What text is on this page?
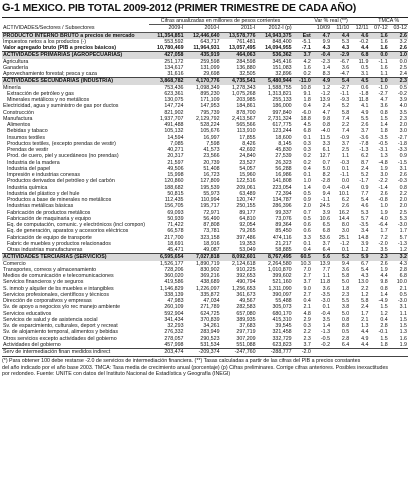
G-1 MEXICO. PIB TOTAL 2009-2012 (PRIMER TRIMESTRE DE CADA AÑO)
ACTIVIDADES/Sectores / Subsectores	Cifras anualizadas en millones de pesos corrientes				Var % real (**)				TMCA %	
	2009-I	2010-I	2011-I	2012-I (p)		10/09	11/10	12/11	07-12	03-12
PRODUCTO INTERNO BRUTO a precios de mercado	11,354,851	12,446,640	13,578,776	14,943,375	Est	4.7	4.4	4.6	1.6	2.6
Impuestos netos a los productos (-)	553,592	643,717	761,481	848,400	-5.1	9.9	5.3	-0.2	1.6	3.2
Valor agregado bruto (PIB a precios básicos)	10,780,469	11,964,931	13,057,495	14,094,955	-7.1	4.3	4.3	4.4	1.6	2.6
ACTIVIDADES PRIMARIAS (AGROPECUARIAS)	427,058	435,919	464,063	536,362	3.7	-0.4	-2.9	6.8	0.0	1.0
Agricultura	251,172	259,598	284,598	345,416	4.2	-2.3	-6.7	11.9	-1.1	0.0
Ganadería	134,617	131,099	136,880	151,083	1.6	1.4	3.6	0.5	1.6	2.5
Aprovechamiento forestal; pesca y caza	31,616	29,698	32,505	32,896	0.2	8.3	-4.7	3.1	1.1	2.4
ACTIVIDADES SECUNDARIAS (INDUSTRIA)	3,868,782	4,170,776	4,735,541	5,480,944	-11.0	4.9	5.4	4.5	1.0	2.3
Minería	753,436	1,098,349	1,278,343	1,588,755	10.8	1.2	-2.7	0.6	-1.0	0.5
Extracción de petróleo y gas	623,361	895,230	1,075,268	1,313,821	9.1	-1.2	-1.1	-1.8	-2.7	-0.2
Minerales metálicos y no metálicos	130,075	171,109	203,985	255,133	1.8	13.9	-9.3	11.8	4.7	3.9
Electricidad, agua y suministro de gas por ductos	147,724	147,953	184,861	186,000	0.4	2.4	5.2	4.1	3.6	4.0
Construcción	821,902	795,739	878,700	997,840	-6.0	4.7	5.8	4.9	0.8	3.5
Manufactura	1,937,707	2,129,792	2,413,567	2,731,324	18.8	9.8	7.4	5.5	1.5	2.3
Alimentos	491,488	528,224	565,566	617,775	4.5	0.8	2.2	2.6	1.4	2.0
Bebidas y tabaco	105,132	105,676	113,910	123,244	6.8	-4.0	7.4	3.7	1.8	3.0
Insumos textiles	14,594	16,997	17,855	18,600	0.1	11.5	-0.9	-3.6	-3.5	-2.7
Productos textiles, (excepto prendas de vestir)	7,085	7,598	8,426	8,145	0.3	3.3	3.7	-7.8	-0.5	-1.8
Prendas de vestir	40,271	41,573	42,692	45,830	0.3	6.1	2.5	-1.3	-3.1	-3.3
Prod. de cuero, piel y sucedáneos (no prendas)	20,317	23,566	24,840	27,539	0.2	12.7	1.1	6.2	1.3	0.9
Industria de la madera	21,597	20,739	23,527	26,323	0.2	0.7	-0.3	8.7	-4.8	-1.5
Industria del papel	49,506	51,408	54,057	56,288	0.4	5.0	0.1	2.4	1.9	3.1
Impresión e industrias conexas	15,998	16,723	15,960	16,986	0.1	8.2	-1.1	5.2	3.0	2.6
Productos derivados del petróleo y del carbón	120,860	127,809	122,516	141,808	1.0	-2.8	0.0	-1.7	-2.2	-0.3
Industria química	188,682	195,539	209,061	223,054	1.4	0.4	-0.4	0.9	-1.4	0.8
Industria del plástico y del hule	50,815	55,973	63,489	72,394	0.5	9.4	10.1	7.7	2.6	2.2
Productos a base de minerales no metálicos	112,435	110,994	120,747	134,787	0.9	-1.1	6.2	5.4	-0.8	2.0
Industrias metálicas básicas	156,705	195,717	250,155	286,396	2.0	24.5	2.6	4.6	1.0	2.0
Fabricación de productos metálicos	69,093	72,971	89,177	99,337	0.7	3.9	16.2	5.3	1.9	2.5
Fabricación de maquinaria y equipo	50,939	56,490	64,810	73,076	0.5	10.6	14.4	5.7	4.0	5.3
Eq. de computación, comunic. y electrónicos (incl compon)	71,422	87,808	92,054	89,364	0.6	6.5	8.0	-3.5	-6.4	-3.0
Eq. de generación, aparatos y accesorios eléctricos	66,578	73,781	79,265	85,450	0.6	6.8	3.0	3.4	1.7	1.7
Fabricación de equipo de transporte	217,700	323,158	397,486	474,116	3.3	53.6	25.1	14.8	7.2	5.7
Fabric de muebles y productos relacionados	18,691	18,916	19,353	21,217	0.1	3.7	-1.2	3.9	-2.0	-1.3
Otras industrias manufactureras	45,471	49,087	53,049	58,885	0.4	6.4	0.1	1.2	3.5	1.2
ACTIVIDADES TERCIARIAS (SERVICIOS)	6,595,654	7,027,818	8,092,601	8,767,495	60.5	5.6	5.2	5.9	2.3	3.2
Comercio	1,526,177	1,890,719	2,124,618	2,264,580	10.3	13.9	9.4	6.7	2.6	4.3
Transportes, correos y almacenamiento	728,206	830,902	910,225	1,010,870	7.0	7.7	3.6	5.4	1.9	2.8
Medios de comunicación e telecomunicaciones	360,020	369,216	392,653	399,602	2.7	1.1	5.8	4.3	4.4	6.8
Servicios financieros y de seguros	419,586	438,689	490,794	521,160	3.7	11.8	5.0	13.0	9.8	10.0
S. inmob y alquiler de bs muebles e intangibles	1,146,829	1,226,097	1,256,653	1,311,090	9.0	3.6	1.8	2.2	0.8	2.1
Servicios profesionales, científicos y técnicos	338,139	335,872	361,673	390,097	2.7	-3.5	2.3	1.2	1.4	0.5
Dirección de corporativos y empresas	47,983	47,034	49,567	55,488	0.4	-3.0	5.5	5.8	-4.9	-3.0
Sv. de apoyo a negocios y/o rec manejo ambiente	260,109	271,789	282,583	305,073	2.1	0.1	3.8	2.4	1.5	3.1
Servicios educativos	592,904	624,725	657,080	680,170	4.8	-0.4	5.0	1.7	1.2	1.1
Servicios de salud y de asistencia social	341,434	370,839	389,935	415,310	2.9	3.5	0.8	2.1	0.4	1.5
Sv. de esparcimiento, culturales, deport y recreat	32,293	34,261	37,683	39,545	0.3	1.4	8.8	1.3	2.8	1.5
Sv. de alojamiento temporal, alimentos y bebidas	276,332	283,949	297,719	321,458	2.2	-1.3	0.5	4.4	-0.1	1.3
Otros servicios excepto actividades del gobierno	278,057	290,523	307,209	332,729	2.3	-0.5	2.8	4.9	1.5	1.6
Actividades del gobierno	457,998	531,534	551,088	623,823	3.7	-0.2	6.4	4.4	1.8	1.9
Serv de intermediación finan medidos indirect	203,474	-209,374	-247,760	-288,777	-2.0					
(*) Para obtener 100 debe restarse -2.0 de servicios de intermediación financiera. (**) Tasas calculadas a partir de las cifras del PIB a precios constantes
del año indicado por el año base 2003. TMCA: Tasa media de crecimiento anual (porcentaje) (p) Cifras preliminares. Corrige cifras anteriores. Posibles inexactitudes
por redondeo. Fuente: UNITE con datos del Instituto Nacional de Estadística y Geografía (INEGI)
